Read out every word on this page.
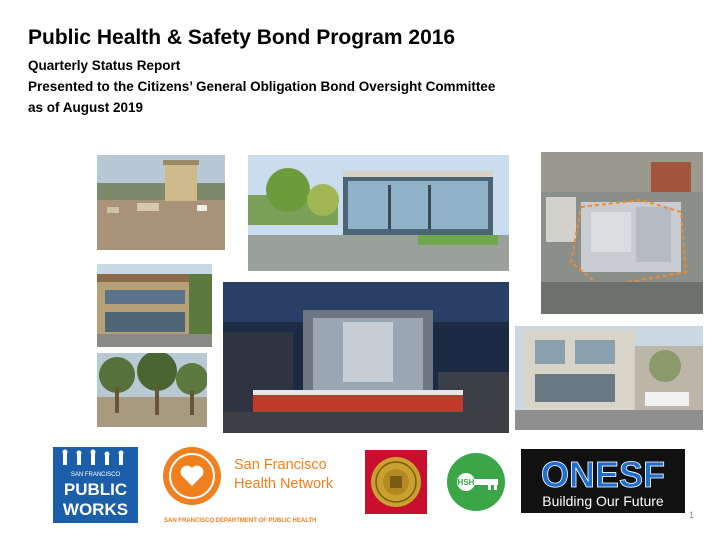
Public Health & Safety Bond Program 2016
Quarterly Status Report
Presented to the Citizens’ General Obligation Bond Oversight Committee
as of August 2019
SAN FRANCISCO
PUBLIC
WORKS
San Francisco
Health Network
SAN FRANCISCO DEPARTMENT OF PUBLIC HEALTH
HSH ONESF
Building Our Future
1
